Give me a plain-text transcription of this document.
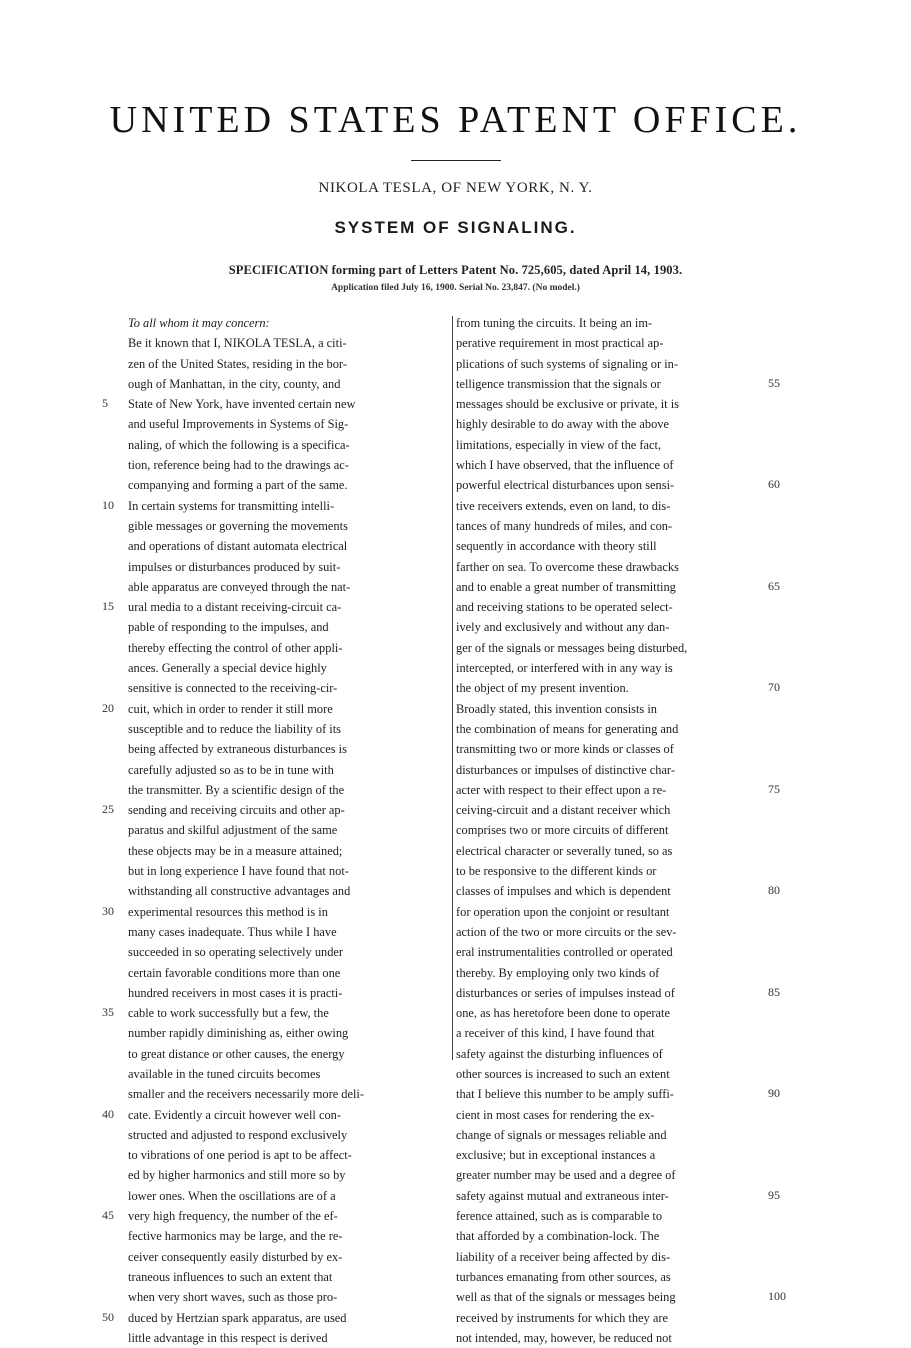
UNITED STATES PATENT OFFICE.
NIKOLA TESLA, OF NEW YORK, N. Y.
SYSTEM OF SIGNALING.
SPECIFICATION forming part of Letters Patent No. 725,605, dated April 14, 1903.
Application filed July 16, 1900. Serial No. 23,847. (No model.)
To all whom it may concern:
Be it known that I, NIKOLA TESLA, a citi-
zen of the United States, residing in the bor-
ough of Manhattan, in the city, county, and
State of New York, have invented certain new
and useful Improvements in Systems of Sig-
naling, of which the following is a specifica-
tion, reference being had to the drawings ac-
companying and forming a part of the same.
In certain systems for transmitting intelli-
gible messages or governing the movements
and operations of distant automata electrical
impulses or disturbances produced by suit-
able apparatus are conveyed through the nat-
ural media to a distant receiving-circuit ca-
pable of responding to the impulses, and
thereby effecting the control of other appli-
ances. Generally a special device highly
sensitive is connected to the receiving-cir-
cuit, which in order to render it still more
susceptible and to reduce the liability of its
being affected by extraneous disturbances is
carefully adjusted so as to be in tune with
the transmitter. By a scientific design of the
sending and receiving circuits and other ap-
paratus and skilful adjustment of the same
these objects may be in a measure attained;
but in long experience I have found that not-
withstanding all constructive advantages and
experimental resources this method is in
many cases inadequate. Thus while I have
succeeded in so operating selectively under
certain favorable conditions more than one
hundred receivers in most cases it is practi-
cable to work successfully but a few, the
number rapidly diminishing as, either owing
to great distance or other causes, the energy
available in the tuned circuits becomes
smaller and the receivers necessarily more deli-
cate. Evidently a circuit however well con-
structed and adjusted to respond exclusively
to vibrations of one period is apt to be affect-
ed by higher harmonics and still more so by
lower ones. When the oscillations are of a
very high frequency, the number of the ef-
fective harmonics may be large, and the re-
ceiver consequently easily disturbed by ex-
traneous influences to such an extent that
when very short waves, such as those pro-
duced by Hertzian spark apparatus, are used
little advantage in this respect is derived
from tuning the circuits. It being an im-
perative requirement in most practical ap-
plications of such systems of signaling or in-
telligence transmission that the signals or
messages should be exclusive or private, it is
highly desirable to do away with the above
limitations, especially in view of the fact,
which I have observed, that the influence of
powerful electrical disturbances upon sensi-
tive receivers extends, even on land, to dis-
tances of many hundreds of miles, and con-
sequently in accordance with theory still
farther on sea. To overcome these drawbacks
and to enable a great number of transmitting
and receiving stations to be operated select-
ively and exclusively and without any dan-
ger of the signals or messages being disturbed,
intercepted, or interfered with in any way is
the object of my present invention.
Broadly stated, this invention consists in
the combination of means for generating and
transmitting two or more kinds or classes of
disturbances or impulses of distinctive char-
acter with respect to their effect upon a re-
ceiving-circuit and a distant receiver which
comprises two or more circuits of different
electrical character or severally tuned, so as
to be responsive to the different kinds or
classes of impulses and which is dependent
for operation upon the conjoint or resultant
action of the two or more circuits or the sev-
eral instrumentalities controlled or operated
thereby. By employing only two kinds of
disturbances or series of impulses instead of
one, as has heretofore been done to operate
a receiver of this kind, I have found that
safety against the disturbing influences of
other sources is increased to such an extent
that I believe this number to be amply suffi-
cient in most cases for rendering the ex-
change of signals or messages reliable and
exclusive; but in exceptional instances a
greater number may be used and a degree of
safety against mutual and extraneous inter-
ference attained, such as is comparable to
that afforded by a combination-lock. The
liability of a receiver being affected by dis-
turbances emanating from other sources, as
well as that of the signals or messages being
received by instruments for which they are
not intended, may, however, be reduced not
5
10
15
20
25
30
35
40
45
50
55
60
65
70
75
80
85
90
95
100
